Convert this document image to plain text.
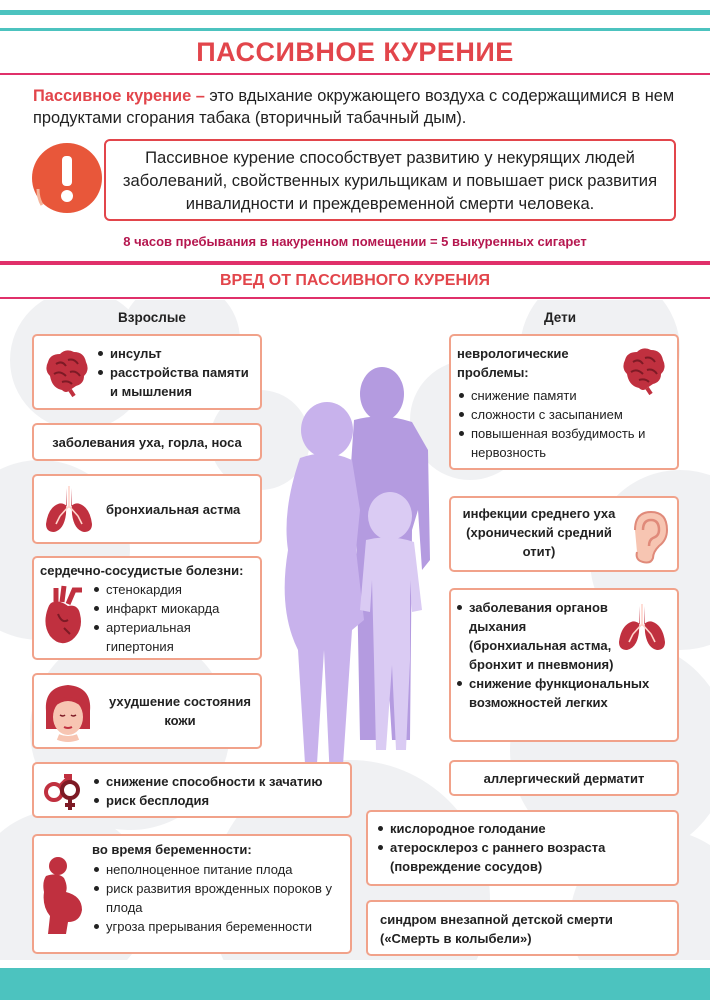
ПАССИВНОЕ КУРЕНИЕ
Пассивное курение – это вдыхание окружающего воздуха с содержащимися в нем продуктами сгорания табака (вторичный табачный дым).
Пассивное курение способствует развитию у некурящих людей заболеваний, свойственных курильщикам и повышает риск развития инвалидности и преждевременной смерти человека.
8 часов пребывания в накуренном помещении = 5 выкуренных сигарет
ВРЕД ОТ ПАССИВНОГО КУРЕНИЯ
Взрослые	Дети
инсульт
расстройства памяти и мышления
заболевания уха, горла, носа
бронхиальная астма
сердечно-сосудистые болезни:
стенокардия
инфаркт миокарда
артериальная гипертония
ухудшение состояния кожи
снижение способности к зачатию
риск бесплодия
во время беременности:
неполноценное питание плода
риск развития врожденных пороков у плода
угроза прерывания беременности
неврологические проблемы:
снижение памяти
сложности с засыпанием
повышенная возбудимость и нервозность
инфекции среднего уха (хронический средний отит)
заболевания органов дыхания (бронхиальная астма, бронхит и пневмония)
снижение функциональных возможностей легких
аллергический дерматит
кислородное голодание
атеросклероз с раннего возраста (повреждение сосудов)
синдром внезапной детской смерти («Смерть в колыбели»)
